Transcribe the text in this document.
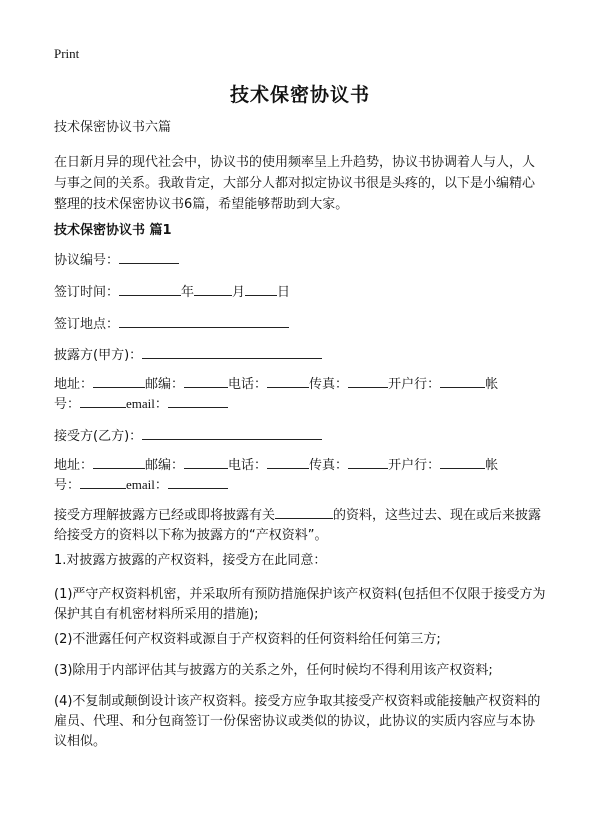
Print
技术保密协议书
技术保密协议书六篇
在日新月异的现代社会中，协议书的使用频率呈上升趋势，协议书协调着人与人，人与事之间的关系。我敢肯定，大部分人都对拟定协议书很是头疼的，以下是小编精心整理的技术保密协议书6篇，希望能够帮助到大家。
技术保密协议书 篇1
协议编号：
签订时间：	年	月 日
签订地点：
披露方(甲方)：
地址：	邮编：	电话：	传真：	开户行：	帐
号：	email：
接受方(乙方)：
地址：	邮编：	电话：	传真：	开户行：	帐
号：	email：
接受方理解披露方已经或即将披露有关	的资料，这些过去、现在或后来披露给接受方的资料以下称为披露方的“产权资料”。
1.对披露方披露的产权资料，接受方在此同意：
(1)严守产权资料机密，并采取所有预防措施保护该产权资料(包括但不仅限于接受方为保护其自有机密材料所采用的措施);
(2)不泄露任何产权资料或源自于产权资料的任何资料给任何第三方;
(3)除用于内部评估其与披露方的关系之外，任何时候均不得利用该产权资料;
(4)不复制或颠倒设计该产权资料。接受方应争取其接受产权资料或能接触产权资料的雇员、代理、和分包商签订一份保密协议或类似的协议，此协议的实质内容应与本协议相似。
